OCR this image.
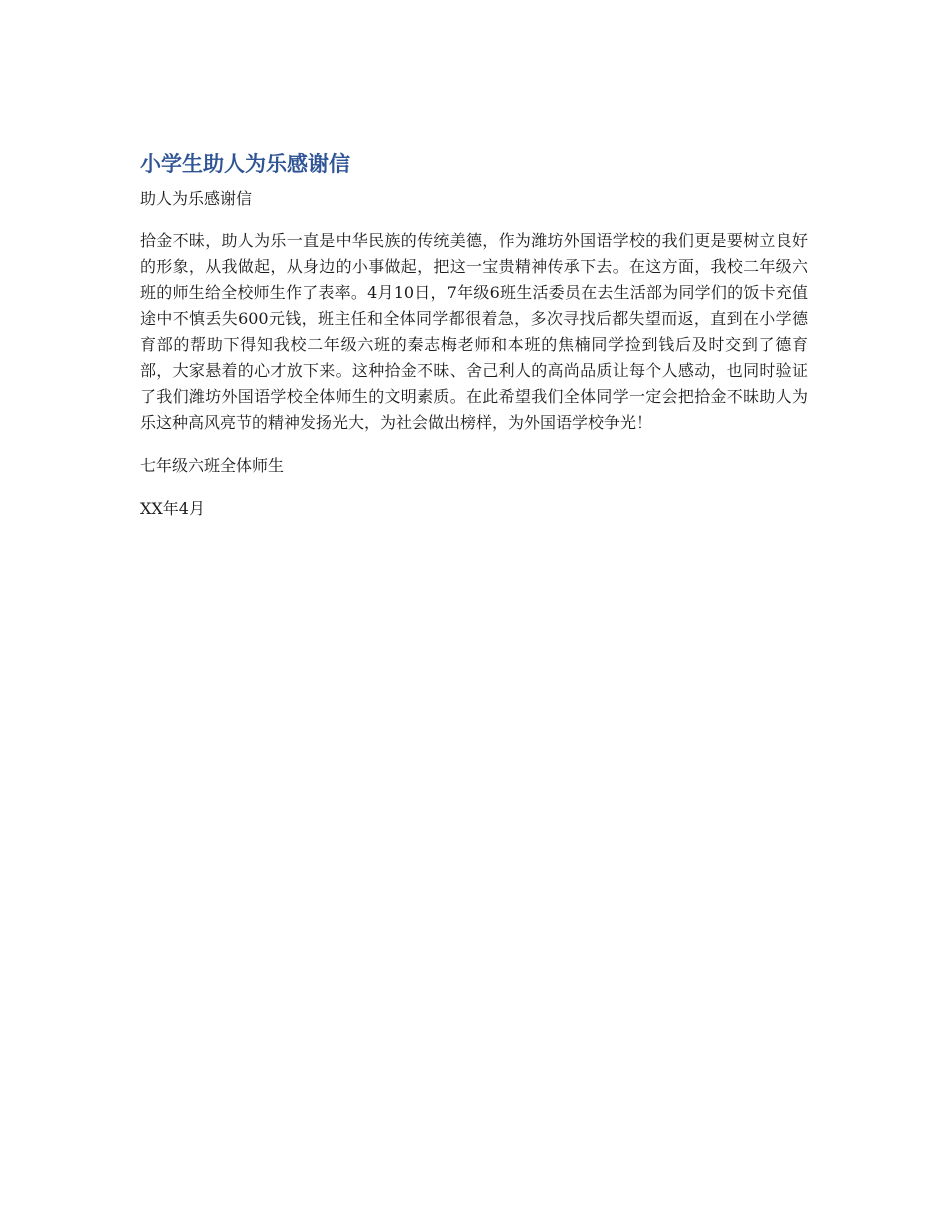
小学生助人为乐感谢信

助人为乐感谢信

拾金不昧，助人为乐一直是中华民族的传统美德，作为潍坊外国语学校的我们更是要树立良好的形象，从我做起，从身边的小事做起，把这一宝贵精神传承下去。在这方面，我校二年级六班的师生给全校师生作了表率。4月10日，7年级6班生活委员在去生活部为同学们的饭卡充值途中不慎丢失600元钱，班主任和全体同学都很着急，多次寻找后都失望而返，直到在小学德育部的帮助下得知我校二年级六班的秦志梅老师和本班的焦楠同学捡到钱后及时交到了德育部，大家悬着的心才放下来。这种拾金不昧、舍己利人的高尚品质让每个人感动，也同时验证了我们潍坊外国语学校全体师生的文明素质。在此希望我们全体同学一定会把拾金不昧助人为乐这种高风亮节的精神发扬光大，为社会做出榜样，为外国语学校争光！

七年级六班全体师生

XX年4月
